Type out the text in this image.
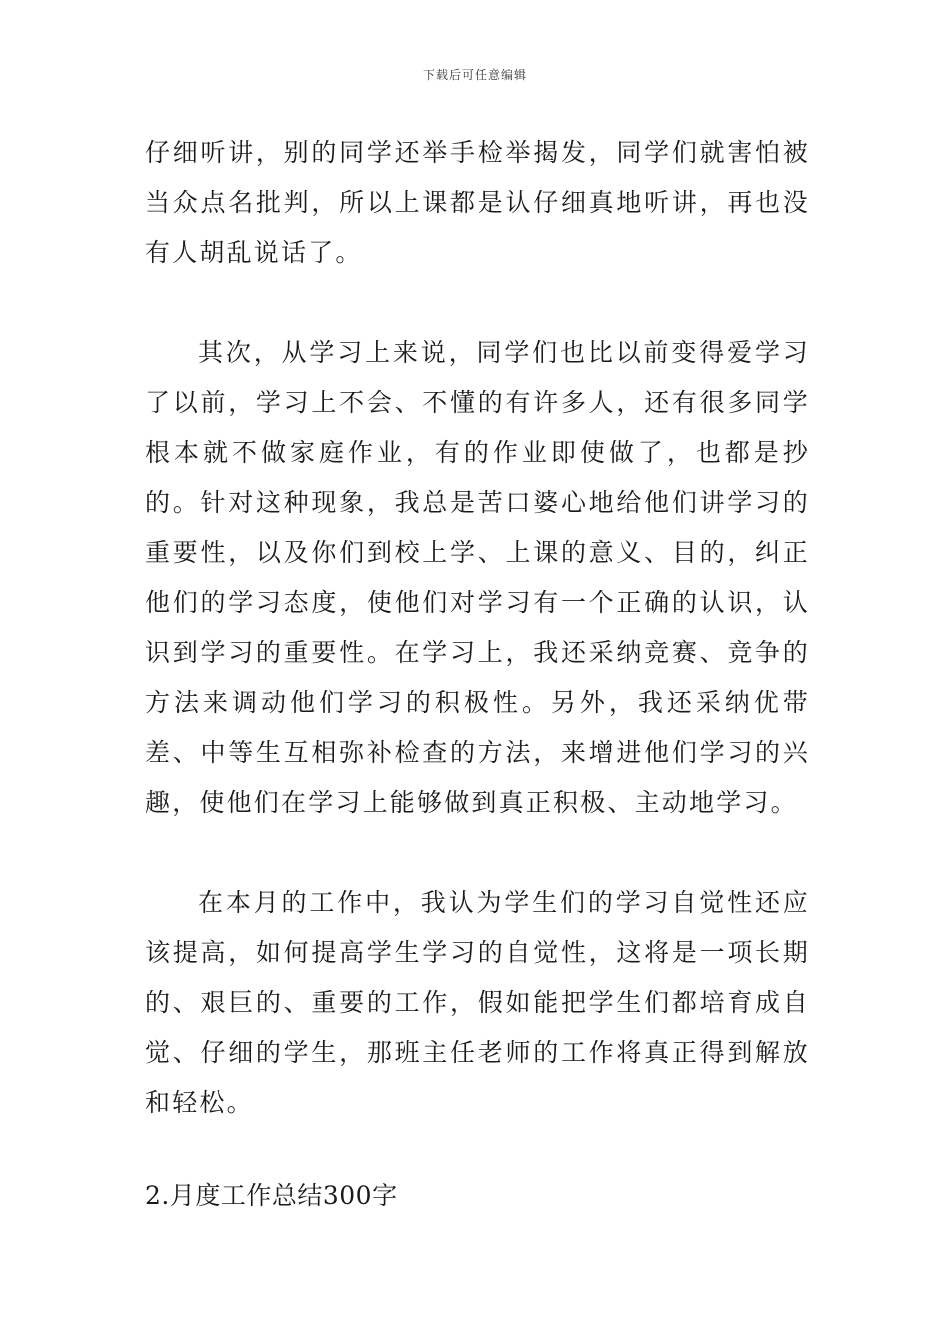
下载后可任意编辑

仔细听讲，别的同学还举手检举揭发，同学们就害怕被当众点名批判，所以上课都是认仔细真地听讲，再也没有人胡乱说话了。

其次，从学习上来说，同学们也比以前变得爱学习了以前，学习上不会、不懂的有许多人，还有很多同学根本就不做家庭作业，有的作业即使做了，也都是抄的。针对这种现象，我总是苦口婆心地给他们讲学习的重要性，以及你们到校上学、上课的意义、目的，纠正他们的学习态度，使他们对学习有一个正确的认识，认识到学习的重要性。在学习上，我还采纳竞赛、竞争的方法来调动他们学习的积极性。另外，我还采纳优带差、中等生互相弥补检查的方法，来增进他们学习的兴趣，使他们在学习上能够做到真正积极、主动地学习。

在本月的工作中，我认为学生们的学习自觉性还应该提高，如何提高学生学习的自觉性，这将是一项长期的、艰巨的、重要的工作，假如能把学生们都培育成自觉、仔细的学生，那班主任老师的工作将真正得到解放和轻松。

2.月度工作总结300字
